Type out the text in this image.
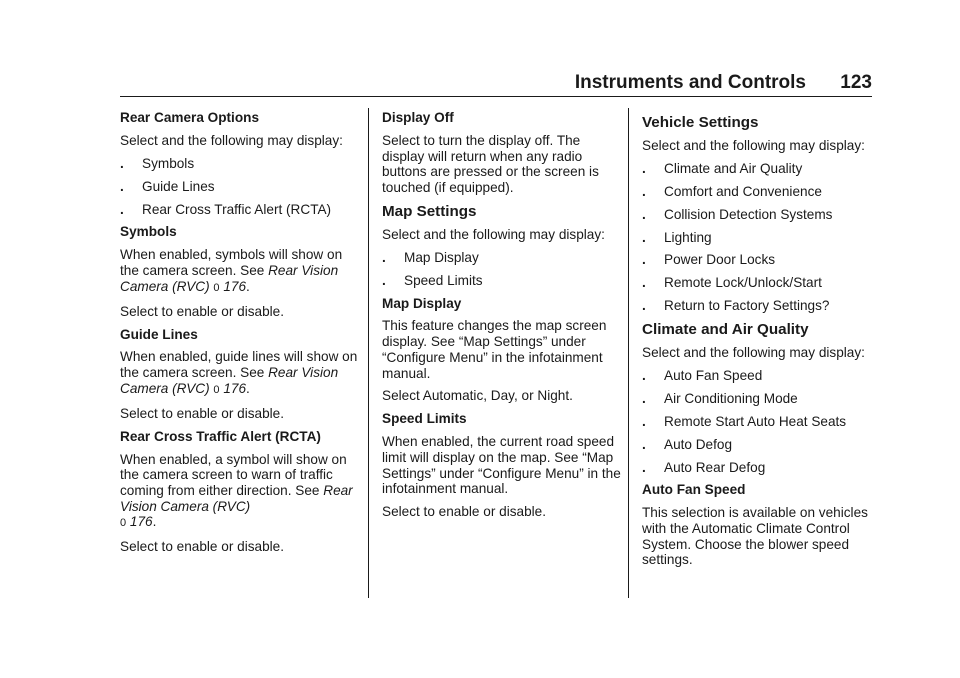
Instruments and Controls 123
Rear Camera Options
Select and the following may display:
.	Symbols
.	Guide Lines
.	Rear Cross Traffic Alert (RCTA)
Symbols
When enabled, symbols will show on the camera screen. See Rear Vision Camera (RVC) 0 176.
Select to enable or disable.
Guide Lines
When enabled, guide lines will show on the camera screen. See Rear Vision Camera (RVC) 0 176.
Select to enable or disable.
Rear Cross Traffic Alert (RCTA)
When enabled, a symbol will show on the camera screen to warn of traffic coming from either direction. See Rear Vision Camera (RVC)
0 176.
Select to enable or disable.
Display Off
Select to turn the display off. The display will return when any radio buttons are pressed or the screen is touched (if equipped).
Map Settings
Select and the following may display:
.	Map Display
.	Speed Limits
Map Display
This feature changes the map screen display. See “Map Settings” under “Configure Menu” in the infotainment manual.
Select Automatic, Day, or Night.
Speed Limits
When enabled, the current road speed limit will display on the map. See “Map Settings” under “Configure Menu” in the infotainment manual.
Select to enable or disable.
Vehicle Settings
Select and the following may display:
.	Climate and Air Quality
.	Comfort and Convenience
.	Collision Detection Systems
.	Lighting
.	Power Door Locks
.	Remote Lock/Unlock/Start
.	Return to Factory Settings?
Climate and Air Quality
Select and the following may display:
.	Auto Fan Speed
.	Air Conditioning Mode
.	Remote Start Auto Heat Seats
.	Auto Defog
.	Auto Rear Defog
Auto Fan Speed
This selection is available on vehicles with the Automatic Climate Control System. Choose the blower speed settings.
